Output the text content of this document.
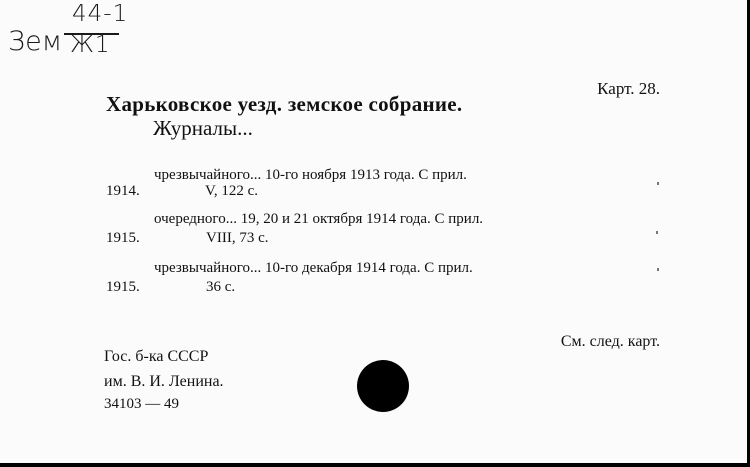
44-1
Зем Ж1
Карт. 28.
Харьковское уезд. земское собрание.
Журналы...
чрезвычайного... 10-го ноября 1913 года. С прил.
1914.	V, 122 с.
очередного... 19, 20 и 21 октября 1914 года. С прил.
1915.	VIII, 73 с.
чрезвычайного... 10-го декабря 1914 года. С прил.
1915.	36 с.
См. след. карт.
Гос. б-ка СССР
им. В. И. Ленина.
34103 — 49
